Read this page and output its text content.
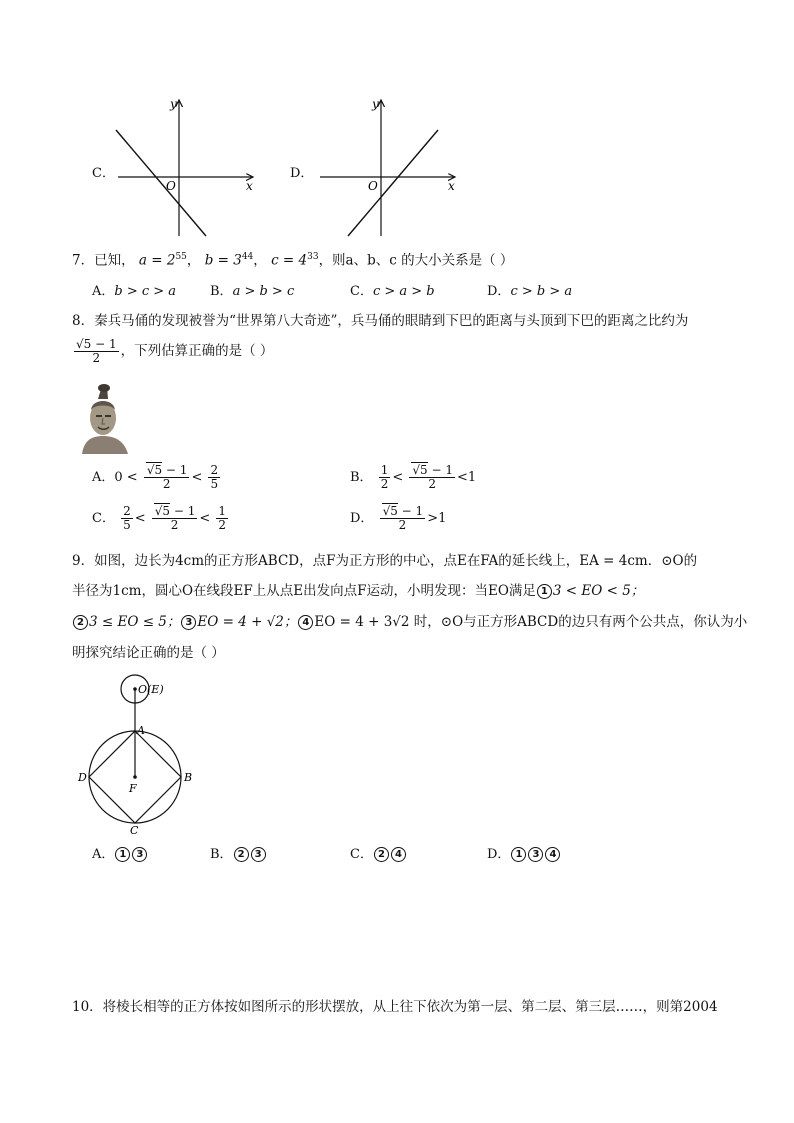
C．
x
y
O
D．
x
y
O
7．已知， $a = 2^{55}$， $b = 3^{44}$， $c = 4^{33}$，则a、b、c 的大小关系是（ ）
A．b > c > a	B．a > b > c	C．c > a > b	D．c > b > a
8．秦兵马俑的发现被誉为“世界第八大奇迹”，兵马俑的眼睛到下巴的距离与头顶到下巴的距离之比约为
$\frac{√5 - 1}{2}$ ，下列估算正确的是（ ）
A．$0 < \frac{√5 - 1}{2} < \frac{2}{5}$	B． $\frac{1}{2} < \frac{√5 - 1}{2} <1$
C． $\frac{2}{5} < \frac{√5 - 1}{2} < \frac{1}{2}$	D． $\frac{√5 - 1}{2} >1$
9．如图，边长为4cm的正方形ABCD，点F为正方形的中心，点E在FA的延长线上，EA = 4cm．⊙O的
半径为1cm，圆心O在线段EF上从点E出发向点F运动，小明发现：当EO满足 1 3 < EO < 5；
2 3 ≤ EO ≤ 5； 3 EO = 4 + √2； 4 EO = 4 + 3√2 时，⊙O与正方形ABCD的边只有两个公共点，你认为小
明探究结论正确的是（ ）
O(E)
A
B
C
D
F
A． 1 3	B． 2 3	C． 2 4	D． 1 3 4
10．将棱长相等的正方体按如图所示的形状摆放，从上往下依次为第一层、第二层、第三层……，则第2004
